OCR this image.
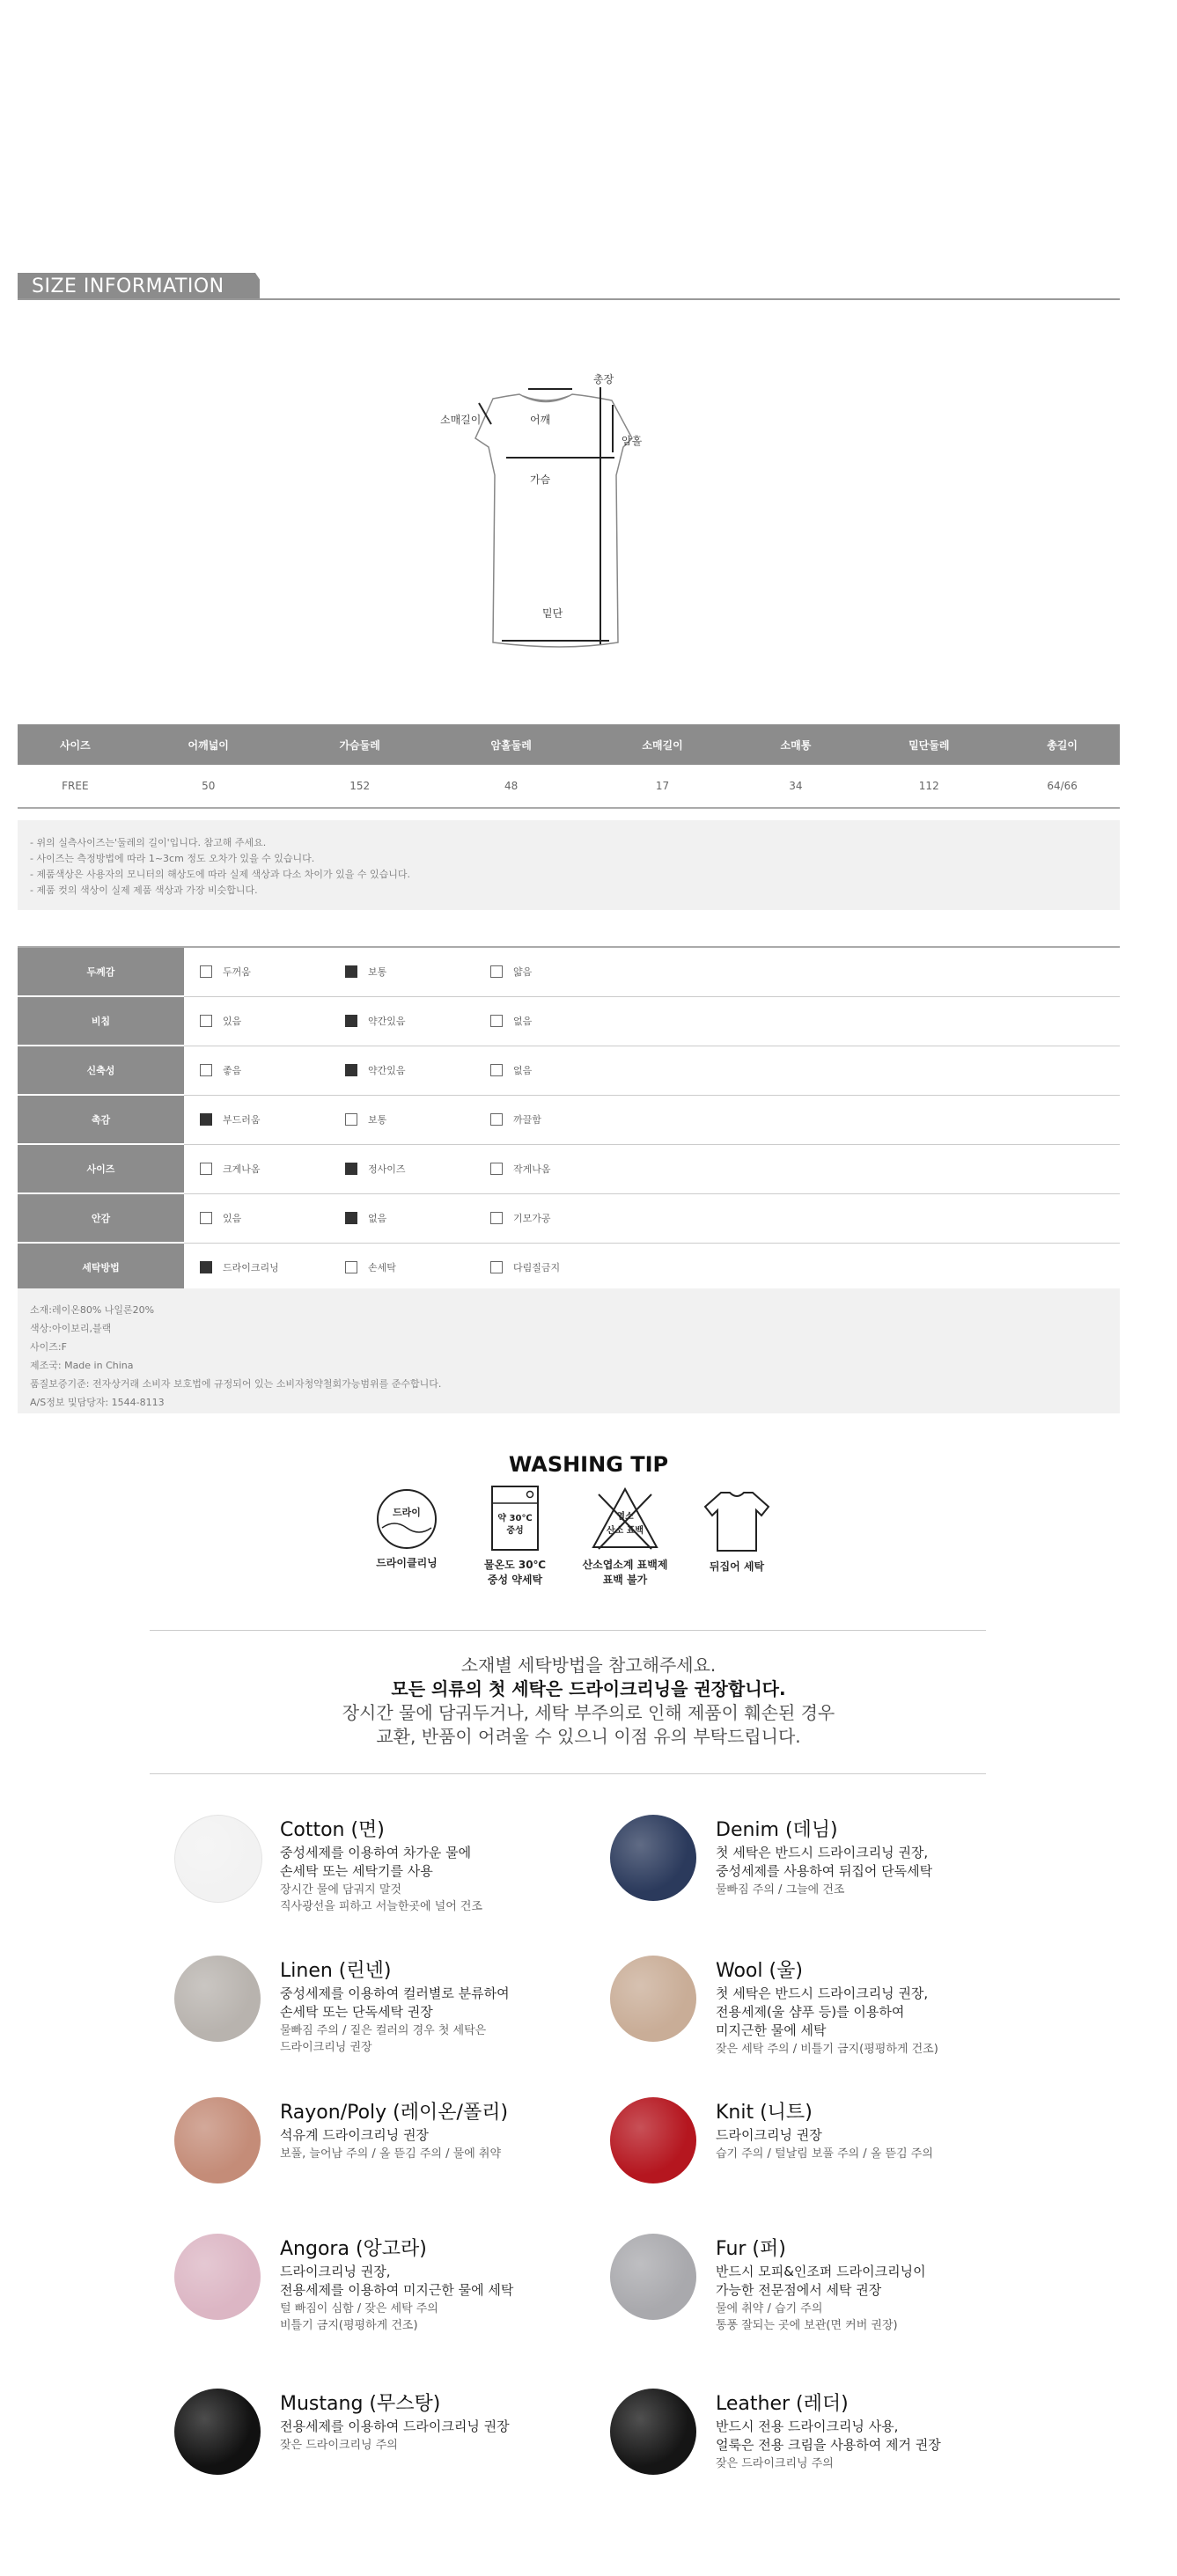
SIZE INFORMATION
총장
소매길이	어깨
암홀
가슴
밑단
사이즈	어깨넓이	가슴둘레	암홀둘레	소매길이	소매통	밑단둘레	총길이
FREE	50	152	48	17	34	112	64/66

- 위의 실측사이즈는'둘레의 길이'입니다. 참고해 주세요.

- 사이즈는 측정방법에 따라 1~3cm 정도 오차가 있을 수 있습니다.

- 제품색상은 사용자의 모니터의 해상도에 따라 실제 색상과 다소 차이가 있을 수 있습니다.

- 제품 컷의 색상이 실제 제품 색상과 가장 비슷합니다.

두께감	두꺼움 보통 얇음

비침	있음 약간있음 없음

신축성	좋음 약간있음 없음

촉감	부드러움 보통 까끌함

사이즈	크게나옴 정사이즈 작게나옴

안감	있음 없음 기모가공

세탁방법	드라이크리닝 손세탁 다림질금지

소재:레이온80% 나일론20%

색상:아이보리,블랙

사이즈:F

제조국: Made in China

품질보증기준: 전자상거래 소비자 보호법에 규정되어 있는 소비자청약철회가능범위를 준수합니다.

A/S정보 및담당자: 1544-8113

WASHING TIP
드라이
드라이클리닝
약 30℃
중성
물온도 30℃
중성 약세탁
염소
산소 표백
산소엽소계 표백제
표백 불가
뒤집어 세탁
소재별 세탁방법을 참고해주세요.
모든 의류의 첫 세탁은 드라이크리닝을 권장합니다.
장시간 물에 담궈두거나, 세탁 부주의로 인해 제품이 훼손된 경우
교환, 반품이 어려울 수 있으니 이점 유의 부탁드립니다.
Cotton (면)
중성세제를 이용하여 차가운 물에
손세탁 또는 세탁기를 사용
장시간 물에 담궈지 말것
직사광선을 피하고 서늘한곳에 널어 건조
Denim (데님)
첫 세탁은 반드시 드라이크리닝 권장,
중성세제를 사용하여 뒤집어 단독세탁
물빠짐 주의 / 그늘에 건조
Linen (린넨)
중성세제를 이용하여 컬러별로 분류하여
손세탁 또는 단독세탁 권장
물빠짐 주의 / 짙은 컬러의 경우 첫 세탁은
드라이크리닝 권장
Wool (울)
첫 세탁은 반드시 드라이크리닝 권장,
전용세제(울 샴푸 등)를 이용하여
미지근한 물에 세탁
잦은 세탁 주의 / 비틀기 금지(평평하게 건조)
Rayon/Poly (레이온/폴리)
석유계 드라이크리닝 권장
보풀, 늘어남 주의 / 올 뜯김 주의 / 물에 취약
Knit (니트)
드라이크리닝 권장
습기 주의 / 털날림 보풀 주의 / 올 뜯김 주의
Angora (앙고라)
드라이크리닝 권장,
전용세제를 이용하여 미지근한 물에 세탁
털 빠짐이 심함 / 잦은 세탁 주의
비틀기 금지(평평하게 건조)
Fur (퍼)
반드시 모피&인조퍼 드라이크리닝이
가능한 전문점에서 세탁 권장
물에 취약 / 습기 주의
통풍 잘되는 곳에 보관(면 커버 권장)
Mustang (무스탕)
전용세제를 이용하여 드라이크리닝 권장
잦은 드라이크리닝 주의
Leather (레더)
반드시 전용 드라이크리닝 사용,
얼룩은 전용 크림을 사용하여 제거 권장
잦은 드라이크리닝 주의
